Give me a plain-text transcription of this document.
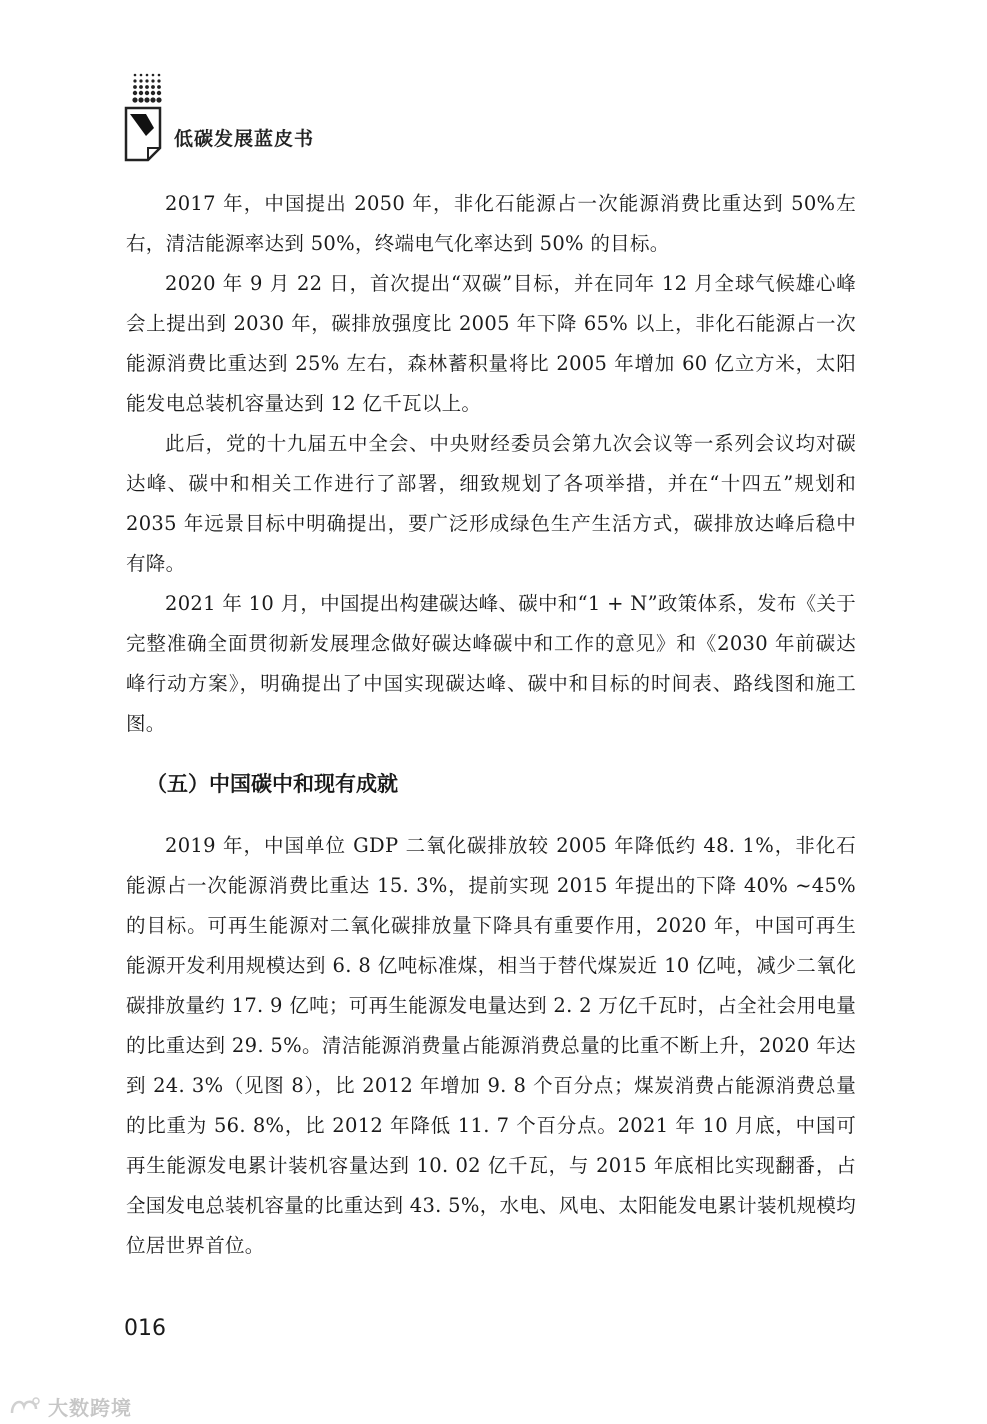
低碳发展蓝皮书

2017 年，中国提出 2050 年，非化石能源占一次能源消费比重达到 50%左右，清洁能源率达到 50%，终端电气化率达到 50% 的目标。

2020 年 9 月 22 日，首次提出“双碳”目标，并在同年 12 月全球气候雄心峰会上提出到 2030 年，碳排放强度比 2005 年下降 65% 以上，非化石能源占一次能源消费比重达到 25% 左右，森林蓄积量将比 2005 年增加 60 亿立方米，太阳能发电总装机容量达到 12 亿千瓦以上。

此后，党的十九届五中全会、中央财经委员会第九次会议等一系列会议均对碳达峰、碳中和相关工作进行了部署，细致规划了各项举措，并在“十四五”规划和 2035 年远景目标中明确提出，要广泛形成绿色生产生活方式，碳排放达峰后稳中有降。

2021 年 10 月，中国提出构建碳达峰、碳中和“1 + N”政策体系，发布《关于完整准确全面贯彻新发展理念做好碳达峰碳中和工作的意见》和《2030 年前碳达峰行动方案》，明确提出了中国实现碳达峰、碳中和目标的时间表、路线图和施工图。

（五）中国碳中和现有成就

2019 年，中国单位 GDP 二氧化碳排放较 2005 年降低约 48. 1%，非化石能源占一次能源消费比重达 15. 3%，提前实现 2015 年提出的下降 40% ~45% 的目标。可再生能源对二氧化碳排放量下降具有重要作用，2020 年，中国可再生能源开发利用规模达到 6. 8 亿吨标准煤，相当于替代煤炭近 10 亿吨，减少二氧化碳排放量约 17. 9 亿吨；可再生能源发电量达到 2. 2 万亿千瓦时，占全社会用电量的比重达到 29. 5%。清洁能源消费量占能源消费总量的比重不断上升，2020 年达到 24. 3%（见图 8），比 2012 年增加 9. 8 个百分点；煤炭消费占能源消费总量的比重为 56. 8%，比 2012 年降低 11. 7 个百分点。2021 年 10 月底，中国可再生能源发电累计装机容量达到 10. 02 亿千瓦，与 2015 年底相比实现翻番，占全国发电总装机容量的比重达到 43. 5%，水电、风电、太阳能发电累计装机规模均位居世界首位。

016
大数跨境
